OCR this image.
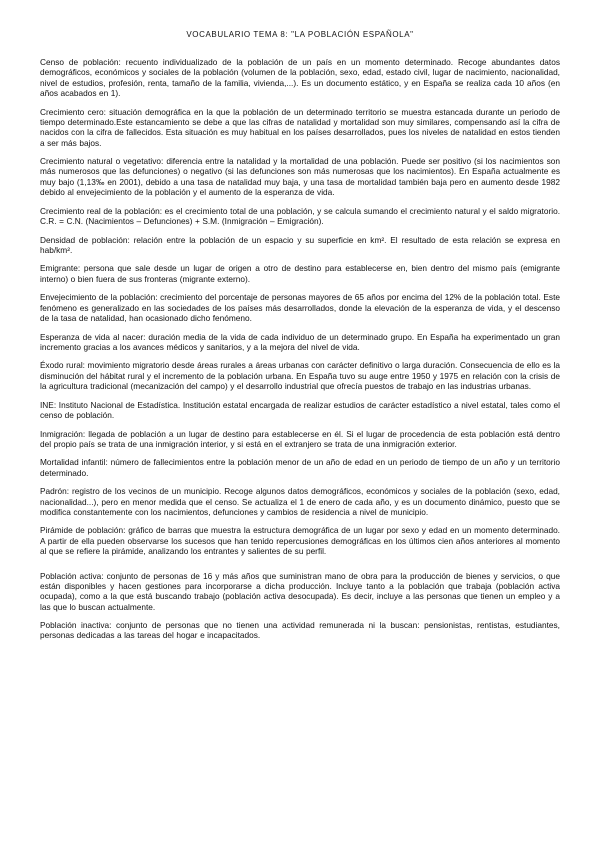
VOCABULARIO TEMA 8: "LA POBLACIÓN ESPAÑOLA"

Censo de población: recuento individualizado de la población de un país en un momento determinado. Recoge abundantes datos demográficos, económicos y sociales de la población (volumen de la población, sexo, edad, estado civil, lugar de nacimiento, nacionalidad, nivel de estudios, profesión, renta, tamaño de la familia, vivienda,...). Es un documento estático, y en España se realiza cada 10 años (en años acabados en 1).

Crecimiento cero: situación demográfica en la que la población de un determinado territorio se muestra estancada durante un periodo de tiempo determinado.Este estancamiento se debe a que las cifras de natalidad y mortalidad son muy similares, compensando así la cifra de nacidos con la cifra de fallecidos. Esta situación es muy habitual en los países desarrollados, pues los niveles de natalidad en estos tienden a ser más bajos.

Crecimiento natural o vegetativo: diferencia entre la natalidad y la mortalidad de una población. Puede ser positivo (si los nacimientos son más numerosos que las defunciones) o negativo (si las defunciones son más numerosas que los nacimientos). En España actualmente es muy bajo (1,13‰ en 2001), debido a una tasa de natalidad muy baja, y una tasa de mortalidad también baja pero en aumento desde 1982 debido al envejecimiento de la población y el aumento de la esperanza de vida.

Crecimiento real de la población: es el crecimiento total de una población, y se calcula sumando el crecimiento natural y el saldo migratorio. C.R. = C.N. (Nacimientos – Defunciones) + S.M. (Inmigración – Emigración).

Densidad de población: relación entre la población de un espacio y su superficie en km². El resultado de esta relación se expresa en hab/km².

Emigrante: persona que sale desde un lugar de origen a otro de destino para establecerse en, bien dentro del mismo país (emigrante interno) o bien fuera de sus fronteras (migrante externo).

Envejecimiento de la población: crecimiento del porcentaje de personas mayores de 65 años por encima del 12% de la población total. Este fenómeno es generalizado en las sociedades de los países más desarrollados, donde la elevación de la esperanza de vida, y el descenso de la tasa de natalidad, han ocasionado dicho fenómeno.

Esperanza de vida al nacer: duración media de la vida de cada individuo de un determinado grupo. En España ha experimentado un gran incremento gracias a los avances médicos y sanitarios, y a la mejora del nivel de vida.

Éxodo rural: movimiento migratorio desde áreas rurales a áreas urbanas con carácter definitivo o larga duración. Consecuencia de ello es la disminución del hábitat rural y el incremento de la población urbana. En España tuvo su auge entre 1950 y 1975 en relación con la crisis de la agricultura tradicional (mecanización del campo) y el desarrollo industrial que ofrecía puestos de trabajo en las industrias urbanas.

INE: Instituto Nacional de Estadística. Institución estatal encargada de realizar estudios de carácter estadístico a nivel estatal, tales como el censo de población.

Inmigración: llegada de población a un lugar de destino para establecerse en él. Si el lugar de procedencia de esta población está dentro del propio país se trata de una inmigración interior, y si está en el extranjero se trata de una inmigración exterior.

Mortalidad infantil: número de fallecimientos entre la población menor de un año de edad en un periodo de tiempo de un año y un territorio determinado.

Padrón: registro de los vecinos de un municipio. Recoge algunos datos demográficos, económicos y sociales de la población (sexo, edad, nacionalidad...), pero en menor medida que el censo. Se actualiza el 1 de enero de cada año, y es un documento dinámico, puesto que se modifica constantemente con los nacimientos, defunciones y cambios de residencia a nivel de municipio.

Pirámide de población: gráfico de barras que muestra la estructura demográfica de un lugar por sexo y edad en un momento determinado. A partir de ella pueden observarse los sucesos que han tenido repercusiones demográficas en los últimos cien años anteriores al momento al que se refiere la pirámide, analizando los entrantes y salientes de su perfil.

Población activa: conjunto de personas de 16 y más años que suministran mano de obra para la producción de bienes y servicios, o que están disponibles y hacen gestiones para incorporarse a dicha producción. Incluye tanto a la población que trabaja (población activa ocupada), como a la que está buscando trabajo (población activa desocupada). Es decir, incluye a las personas que tienen un empleo y a las que lo buscan actualmente.

Población inactiva: conjunto de personas que no tienen una actividad remunerada ni la buscan: pensionistas, rentistas, estudiantes, personas dedicadas a las tareas del hogar e incapacitados.
